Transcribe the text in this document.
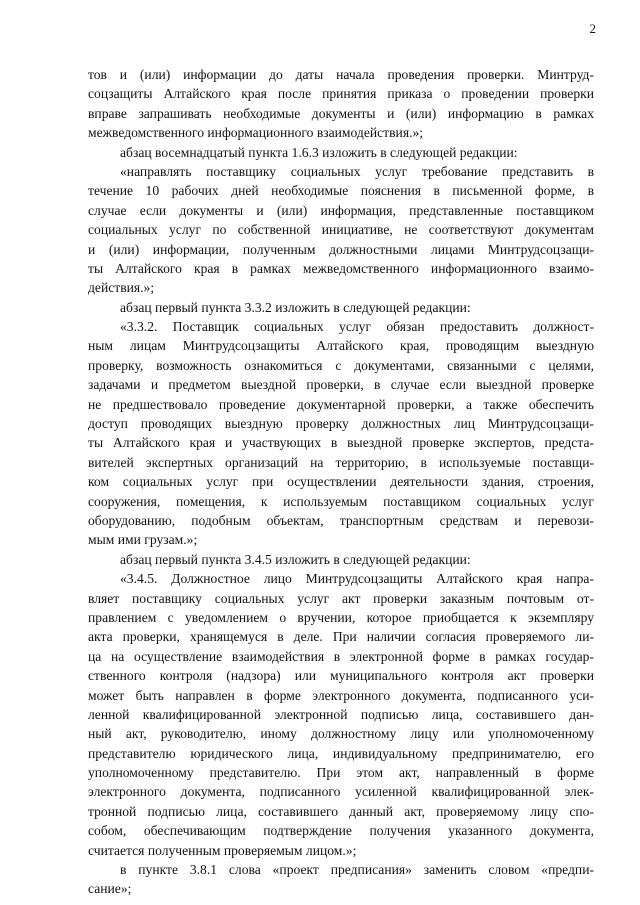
2
тов и (или) информации до даты начала проведения проверки. Минтруд-
соцзащиты Алтайского края после принятия приказа о проведении проверки
вправе запрашивать необходимые документы и (или) информацию в рамках
межведомственного информационного взаимодействия.»;
абзац восемнадцатый пункта 1.6.3 изложить в следующей редакции:
«направлять поставщику социальных услуг требование представить в
течение 10 рабочих дней необходимые пояснения в письменной форме, в
случае если документы и (или) информация, представленные поставщиком
социальных услуг по собственной инициативе, не соответствуют документам
и (или) информации, полученным должностными лицами Минтрудсоцзащи-
ты Алтайского края в рамках межведомственного информационного взаимо-
действия.»;
абзац первый пункта 3.3.2 изложить в следующей редакции:
«3.3.2. Поставщик социальных услуг обязан предоставить должност-
ным лицам Минтрудсоцзащиты Алтайского края, проводящим выездную
проверку, возможность ознакомиться с документами, связанными с целями,
задачами и предметом выездной проверки, в случае если выездной проверке
не предшествовало проведение документарной проверки, а также обеспечить
доступ проводящих выездную проверку должностных лиц Минтрудсоцзащи-
ты Алтайского края и участвующих в выездной проверке экспертов, предста-
вителей экспертных организаций на территорию, в используемые поставщи-
ком социальных услуг при осуществлении деятельности здания, строения,
сооружения, помещения, к используемым поставщиком социальных услуг
оборудованию, подобным объектам, транспортным средствам и перевози-
мым ими грузам.»;
абзац первый пункта 3.4.5 изложить в следующей редакции:
«3.4.5. Должностное лицо Минтрудсоцзащиты Алтайского края напра-
вляет поставщику социальных услуг акт проверки заказным почтовым от-
правлением с уведомлением о вручении, которое приобщается к экземпляру
акта проверки, хранящемуся в деле. При наличии согласия проверяемого ли-
ца на осуществление взаимодействия в электронной форме в рамках государ-
ственного контроля (надзора) или муниципального контроля акт проверки
может быть направлен в форме электронного документа, подписанного уси-
ленной квалифицированной электронной подписью лица, составившего дан-
ный акт, руководителю, иному должностному лицу или уполномоченному
представителю юридического лица, индивидуальному предпринимателю, его
уполномоченному представителю. При этом акт, направленный в форме
электронного документа, подписанного усиленной квалифицированной элек-
тронной подписью лица, составившего данный акт, проверяемому лицу спо-
собом, обеспечивающим подтверждение получения указанного документа,
считается полученным проверяемым лицом.»;
в пункте 3.8.1 слова «проект предписания» заменить словом «предпи-
сание»;
